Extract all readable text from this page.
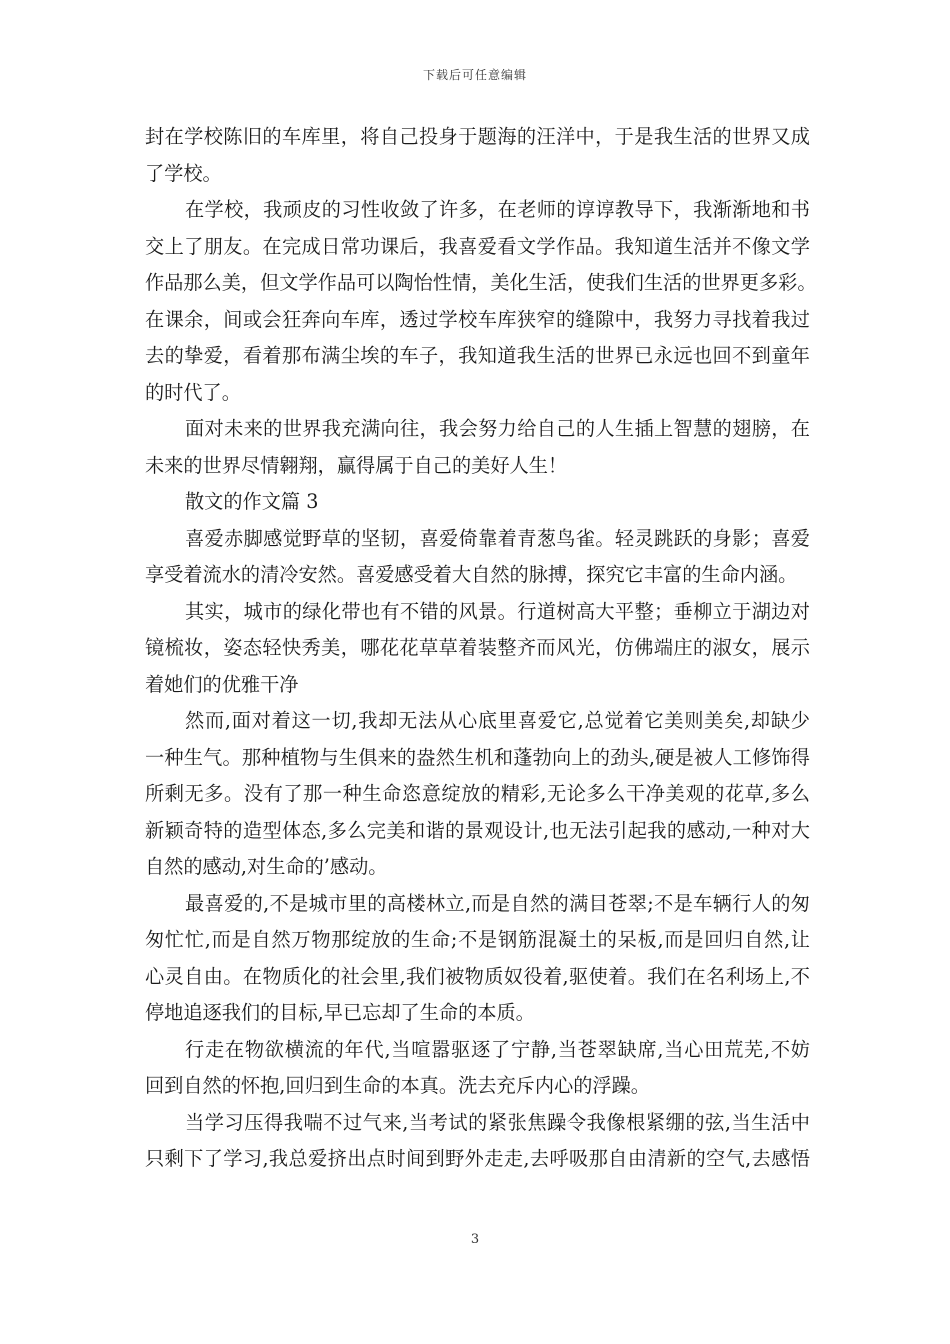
下载后可任意编辑
封在学校陈旧的车库里，将自己投身于题海的汪洋中，于是我生活的世界又成
了学校。
在学校，我顽皮的习性收敛了许多，在老师的谆谆教导下，我渐渐地和书
交上了朋友。在完成日常功课后，我喜爱看文学作品。我知道生活并不像文学
作品那么美，但文学作品可以陶怡性情，美化生活，使我们生活的世界更多彩。
在课余，间或会狂奔向车库，透过学校车库狭窄的缝隙中，我努力寻找着我过
去的挚爱，看着那布满尘埃的车子，我知道我生活的世界已永远也回不到童年
的时代了。
面对未来的世界我充满向往，我会努力给自己的人生插上智慧的翅膀，在
未来的世界尽情翱翔，赢得属于自己的美好人生！
散文的作文篇 3
喜爱赤脚感觉野草的坚韧，喜爱倚靠着青葱鸟雀。轻灵跳跃的身影；喜爱
享受着流水的清冷安然。喜爱感受着大自然的脉搏，探究它丰富的生命内涵。
其实，城市的绿化带也有不错的风景。行道树高大平整；垂柳立于湖边对
镜梳妆，姿态轻快秀美，哪花花草草着装整齐而风光，仿佛端庄的淑女，展示
着她们的优雅干净
然而,面对着这一切,我却无法从心底里喜爱它,总觉着它美则美矣,却缺少
一种生气。那种植物与生俱来的盎然生机和蓬勃向上的劲头,硬是被人工修饰得
所剩无多。没有了那一种生命恣意绽放的精彩,无论多么干净美观的花草,多么
新颖奇特的造型体态,多么完美和谐的景观设计,也无法引起我的感动,一种对大
自然的感动,对生命的’感动。
最喜爱的,不是城市里的高楼林立,而是自然的满目苍翠;不是车辆行人的匆
匆忙忙,而是自然万物那绽放的生命;不是钢筋混凝土的呆板,而是回归自然,让
心灵自由。在物质化的社会里,我们被物质奴役着,驱使着。我们在名利场上,不
停地追逐我们的目标,早已忘却了生命的本质。
行走在物欲横流的年代,当喧嚣驱逐了宁静,当苍翠缺席,当心田荒芜,不妨
回到自然的怀抱,回归到生命的本真。洗去充斥内心的浮躁。
当学习压得我喘不过气来,当考试的紧张焦躁令我像根紧绷的弦,当生活中
只剩下了学习,我总爱挤出点时间到野外走走,去呼吸那自由清新的空气,去感悟
3
